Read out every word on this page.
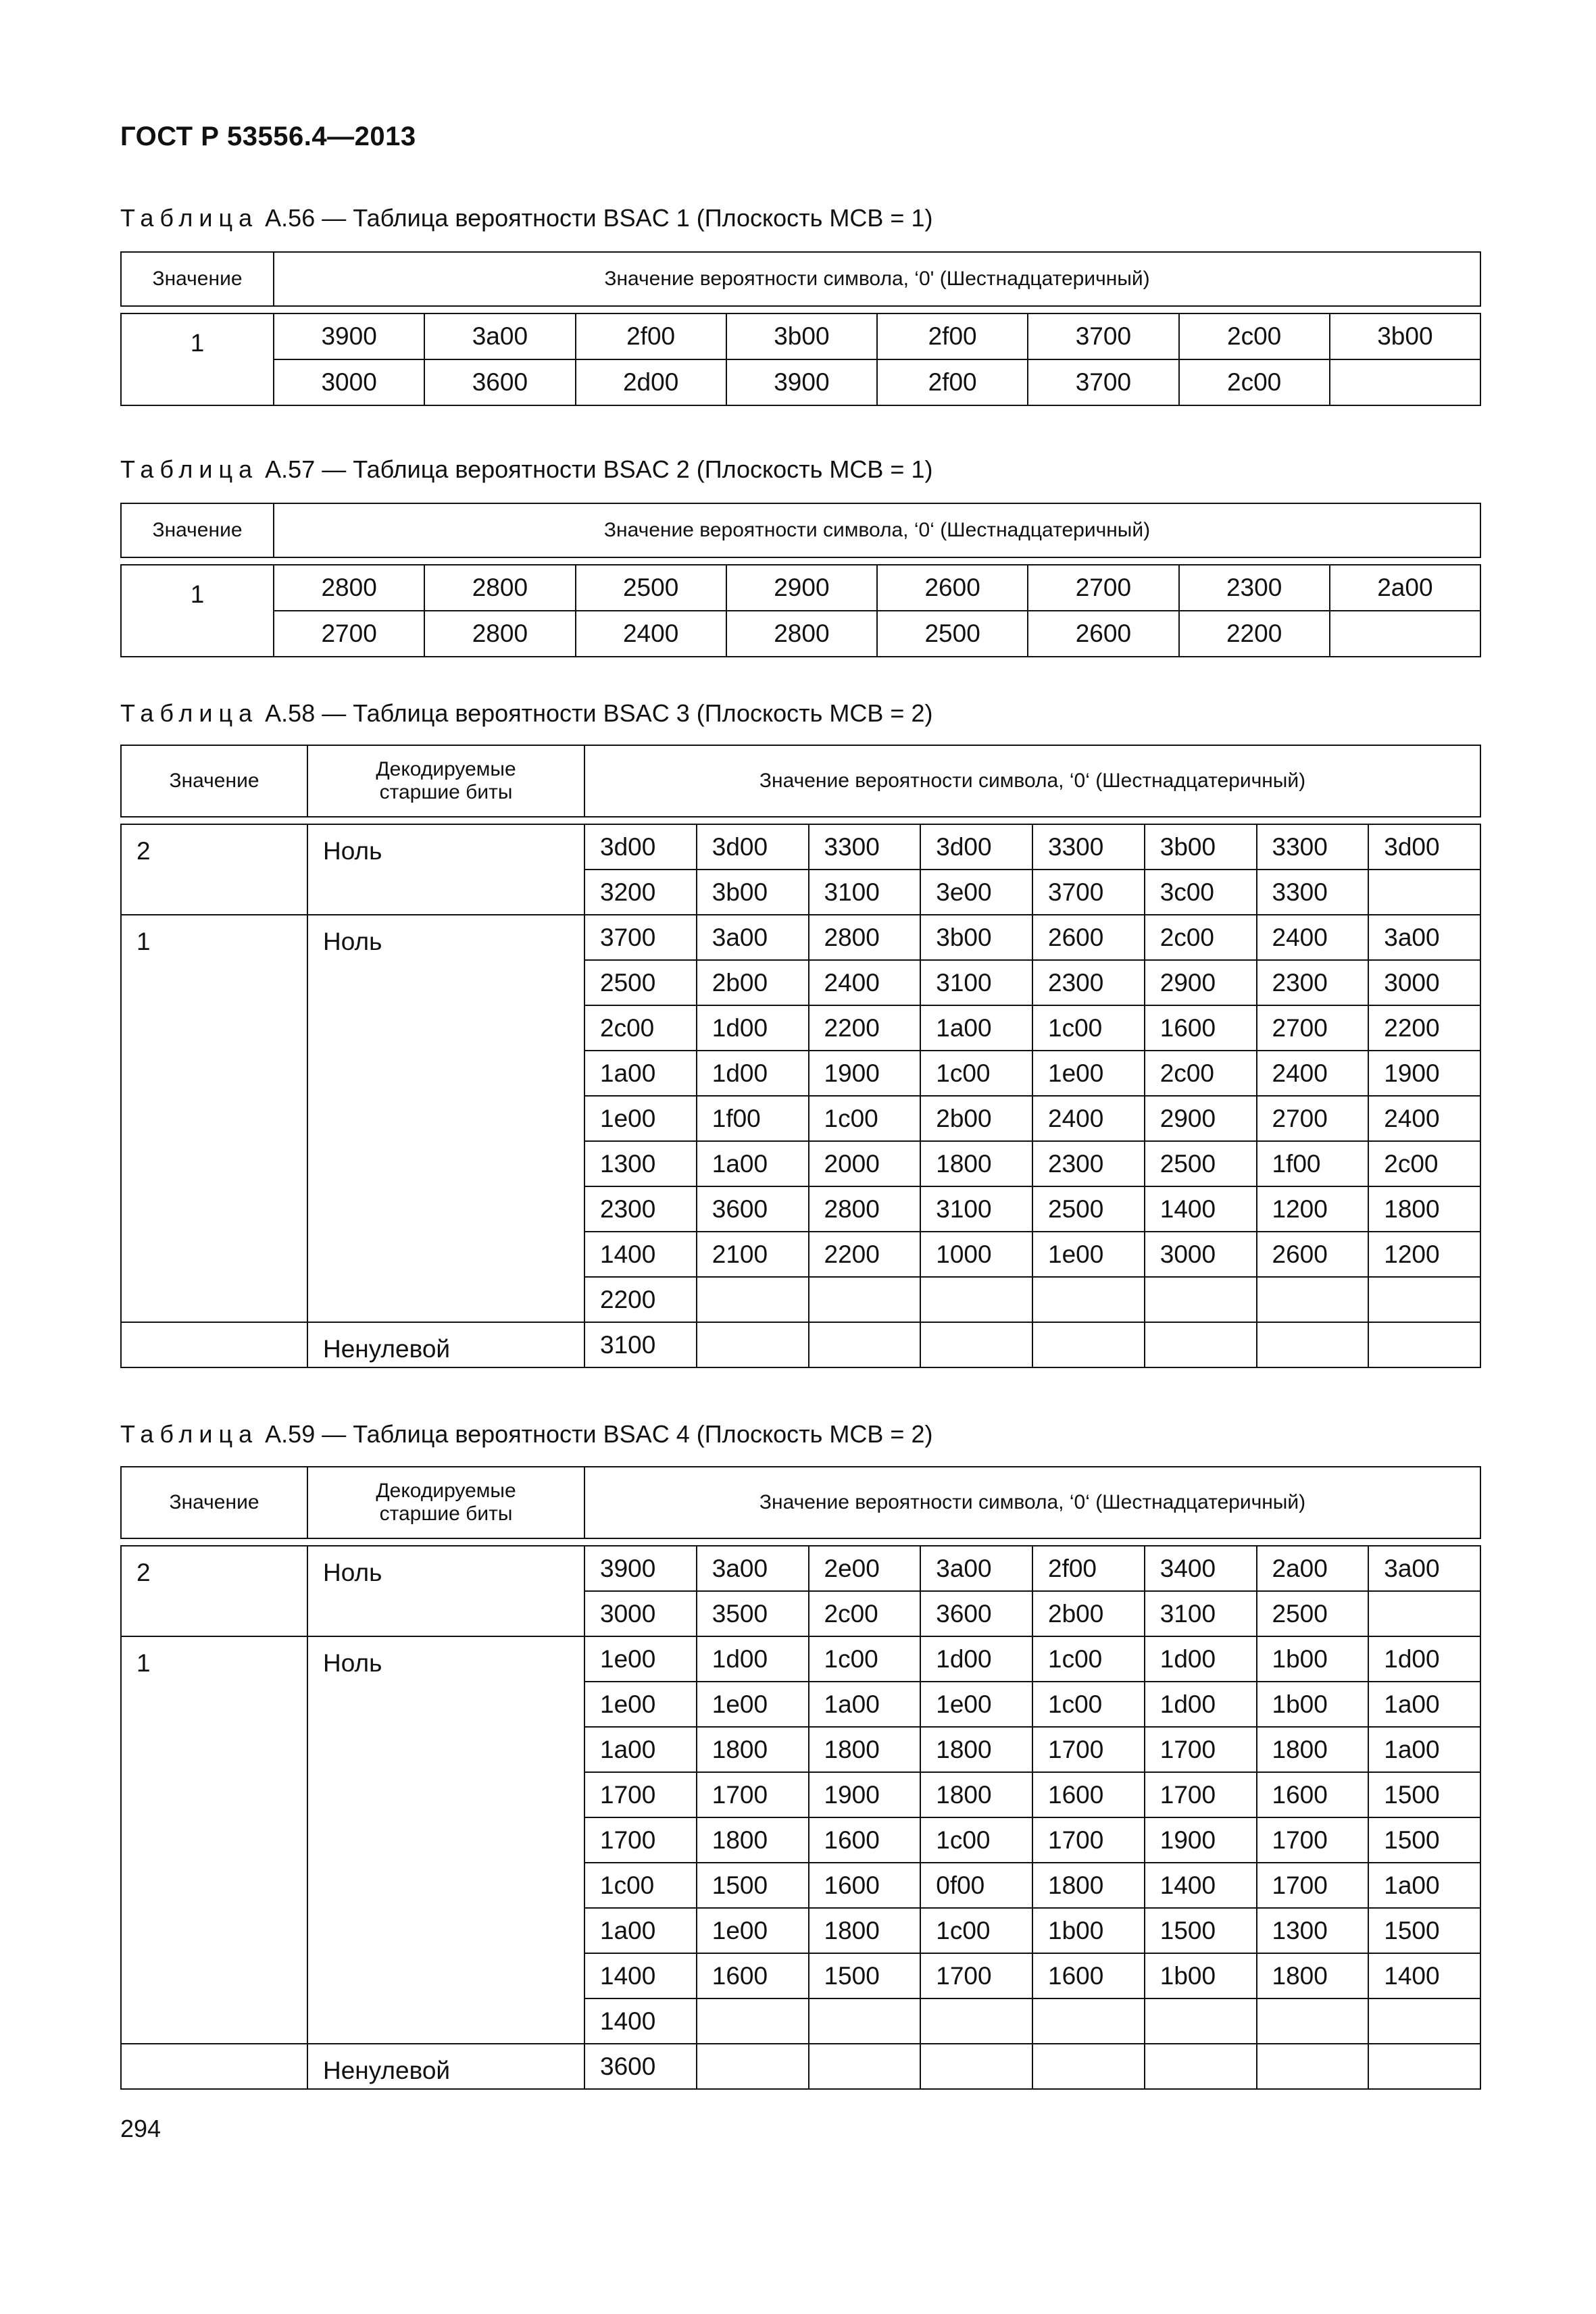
ГОСТ Р 53556.4—2013
Таблица А.56 — Таблица вероятности BSAC 1 (Плоскость MCB = 1)
Значение	Значение вероятности символа, ‘0' (Шестнадцатеричный)							

1	3900	3a00	2f00	3b00	2f00	3700	2c00	3b00
	3000	3600	2d00	3900	2f00	3700	2c00	
Таблица А.57 — Таблица вероятности BSAC 2 (Плоскость MCB = 1)
Значение	Значение вероятности символа, ‘0‘ (Шестнадцатеричный)							

1	2800	2800	2500	2900	2600	2700	2300	2a00
	2700	2800	2400	2800	2500	2600	2200	
Таблица А.58 — Таблица вероятности BSAC 3 (Плоскость MCB = 2)
Значение	Декодируемые
старшие биты	Значение вероятности символа, ‘0‘ (Шестнадцатеричный)							

2	Ноль	3d00	3d00	3300	3d00	3300	3b00	3300	3d00
		3200	3b00	3100	3e00	3700	3c00	3300	
1	Ноль	3700	3a00	2800	3b00	2600	2c00	2400	3a00
		2500	2b00	2400	3100	2300	2900	2300	3000
		2c00	1d00	2200	1a00	1c00	1600	2700	2200
		1a00	1d00	1900	1c00	1e00	2c00	2400	1900
		1e00	1f00	1c00	2b00	2400	2900	2700	2400
		1300	1a00	2000	1800	2300	2500	1f00	2c00
		2300	3600	2800	3100	2500	1400	1200	1800
		1400	2100	2200	1000	1e00	3000	2600	1200
		2200							
	Ненулевой	3100							
Таблица А.59 — Таблица вероятности BSAC 4 (Плоскость MCB = 2)
Значение	Декодируемые
старшие биты	Значение вероятности символа, ‘0‘ (Шестнадцатеричный)							

2	Ноль	3900	3a00	2e00	3a00	2f00	3400	2a00	3a00
		3000	3500	2c00	3600	2b00	3100	2500	
1	Ноль	1e00	1d00	1c00	1d00	1c00	1d00	1b00	1d00
		1e00	1e00	1a00	1e00	1c00	1d00	1b00	1a00
		1a00	1800	1800	1800	1700	1700	1800	1a00
		1700	1700	1900	1800	1600	1700	1600	1500
		1700	1800	1600	1c00	1700	1900	1700	1500
		1c00	1500	1600	0f00	1800	1400	1700	1a00
		1a00	1e00	1800	1c00	1b00	1500	1300	1500
		1400	1600	1500	1700	1600	1b00	1800	1400
		1400							
	Ненулевой	3600							
294
